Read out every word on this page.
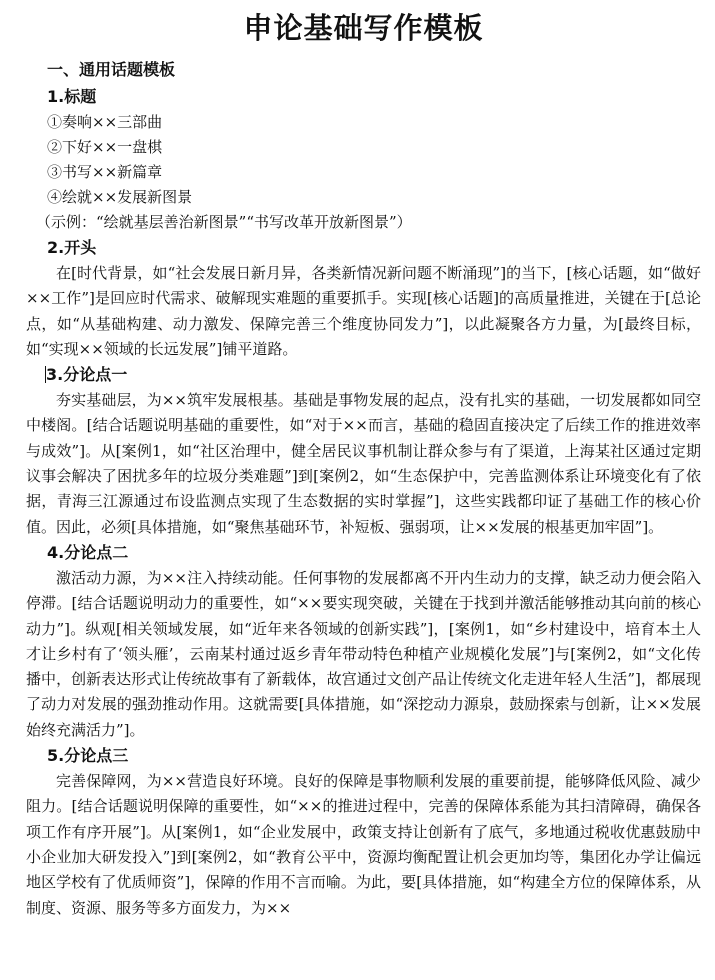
申论基础写作模板
一、通用话题模板
1.标题
①奏响××三部曲
②下好××一盘棋
③书写××新篇章
④绘就××发展新图景
（示例：“绘就基层善治新图景”“书写改革开放新图景”）
2.开头

在[时代背景，如“社会发展日新月异，各类新情况新问题不断涌现”]的当下，[核心话题，如“做好××工作”]是回应时代需求、破解现实难题的重要抓手。实现[核心话题]的高质量推进，关键在于[总论点，如“从基础构建、动力激发、保障完善三个维度协同发力”]，以此凝聚各方力量，为[最终目标，如“实现××领域的长远发展”]铺平道路。

3.分论点一

夯实基础层，为××筑牢发展根基。基础是事物发展的起点，没有扎实的基础，一切发展都如同空中楼阁。[结合话题说明基础的重要性，如“对于××而言，基础的稳固直接决定了后续工作的推进效率与成效”]。从[案例1，如“社区治理中，健全居民议事机制让群众参与有了渠道，上海某社区通过定期议事会解决了困扰多年的垃圾分类难题”]到[案例2，如“生态保护中，完善监测体系让环境变化有了依据，青海三江源通过布设监测点实现了生态数据的实时掌握”]，这些实践都印证了基础工作的核心价值。因此，必须[具体措施，如“聚焦基础环节，补短板、强弱项，让××发展的根基更加牢固”]。

4.分论点二

激活动力源，为××注入持续动能。任何事物的发展都离不开内生动力的支撑，缺乏动力便会陷入停滞。[结合话题说明动力的重要性，如“××要实现突破，关键在于找到并激活能够推动其向前的核心动力”]。纵观[相关领域发展，如“近年来各领域的创新实践”]，[案例1，如“乡村建设中，培育本土人才让乡村有了‘领头雁’，云南某村通过返乡青年带动特色种植产业规模化发展”]与[案例2，如“文化传播中，创新表达形式让传统故事有了新载体，故宫通过文创产品让传统文化走进年轻人生活”]，都展现了动力对发展的强劲推动作用。这就需要[具体措施，如“深挖动力源泉，鼓励探索与创新，让××发展始终充满活力”]。

5.分论点三

完善保障网，为××营造良好环境。良好的保障是事物顺利发展的重要前提，能够降低风险、减少阻力。[结合话题说明保障的重要性，如“××的推进过程中，完善的保障体系能为其扫清障碍，确保各项工作有序开展”]。从[案例1，如“企业发展中，政策支持让创新有了底气，多地通过税收优惠鼓励中小企业加大研发投入”]到[案例2，如“教育公平中，资源均衡配置让机会更加均等，集团化办学让偏远地区学校有了优质师资”]，保障的作用不言而喻。为此，要[具体措施，如“构建全方位的保障体系，从制度、资源、服务等多方面发力，为××
